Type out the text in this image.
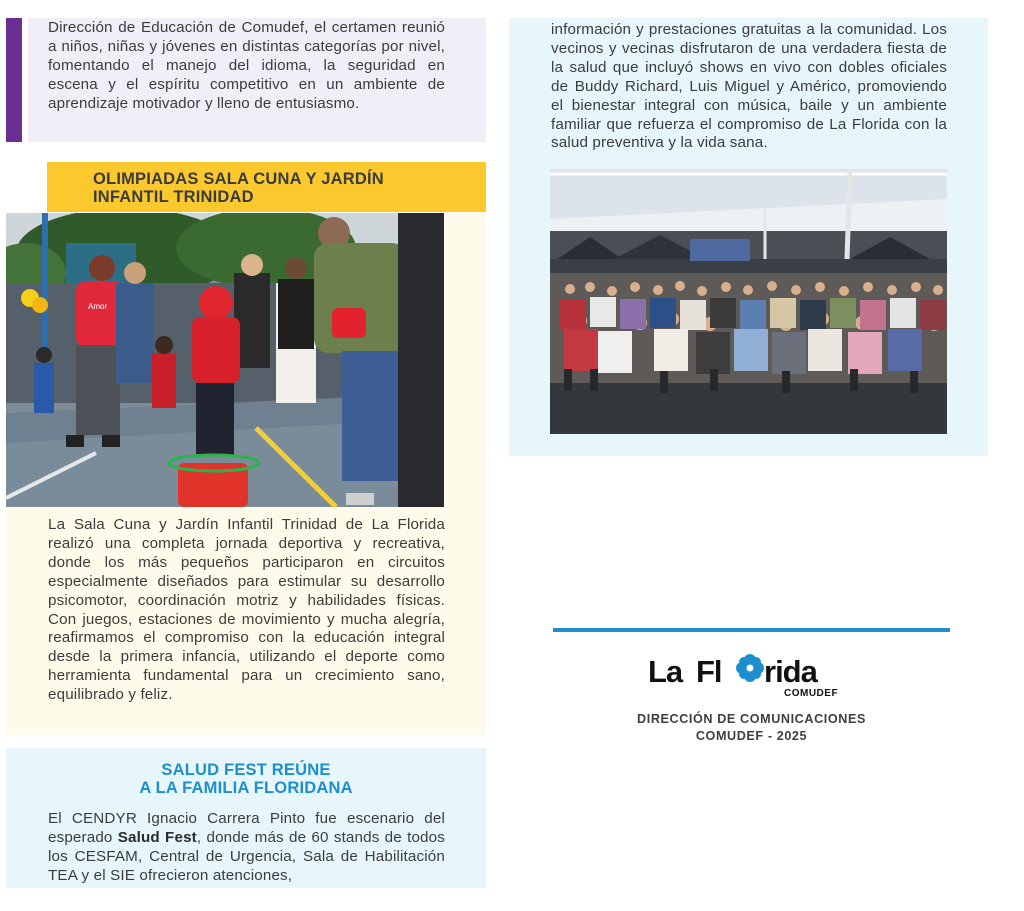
Dirección de Educación de Comudef, el certamen reunió a niños, niñas y jóvenes en distintas categorías por nivel, fomentando el manejo del idioma, la seguridad en escena y el espíritu competitivo en un ambiente de aprendizaje motivador y lleno de entusiasmo.
OLIMPIADAS SALA CUNA Y JARDÍN
INFANTIL TRINIDAD
Amor
La Sala Cuna y Jardín Infantil Trinidad de La Florida realizó una completa jornada deportiva y recreativa, donde los más pequeños participaron en circuitos especialmente diseñados para estimular su desarrollo psicomotor, coordinación motriz y habilidades físicas. Con juegos, estaciones de movimiento y mucha alegría, reafirmamos el compromiso con la educación integral desde la primera infancia, utilizando el deporte como herramienta fundamental para un crecimiento sano, equilibrado y feliz.
SALUD FEST REÚNE
A LA FAMILIA FLORIDANA
El CENDYR Ignacio Carrera Pinto fue escenario del esperado Salud Fest, donde más de 60 stands de todos los CESFAM, Central de Urgencia, Sala de Habilitación TEA y el SIE ofrecieron atenciones,
información y prestaciones gratuitas a la comunidad. Los vecinos y vecinas disfrutaron de una verdadera fiesta de la salud que incluyó shows en vivo con dobles oficiales de Buddy Richard, Luis Miguel y Américo, promoviendo el bienestar integral con música, baile y un ambiente familiar que refuerza el compromiso de La Florida con la salud preventiva y la vida sana.
La Fl rida
COMUDEF
DIRECCIÓN DE COMUNICACIONES
COMUDEF - 2025
